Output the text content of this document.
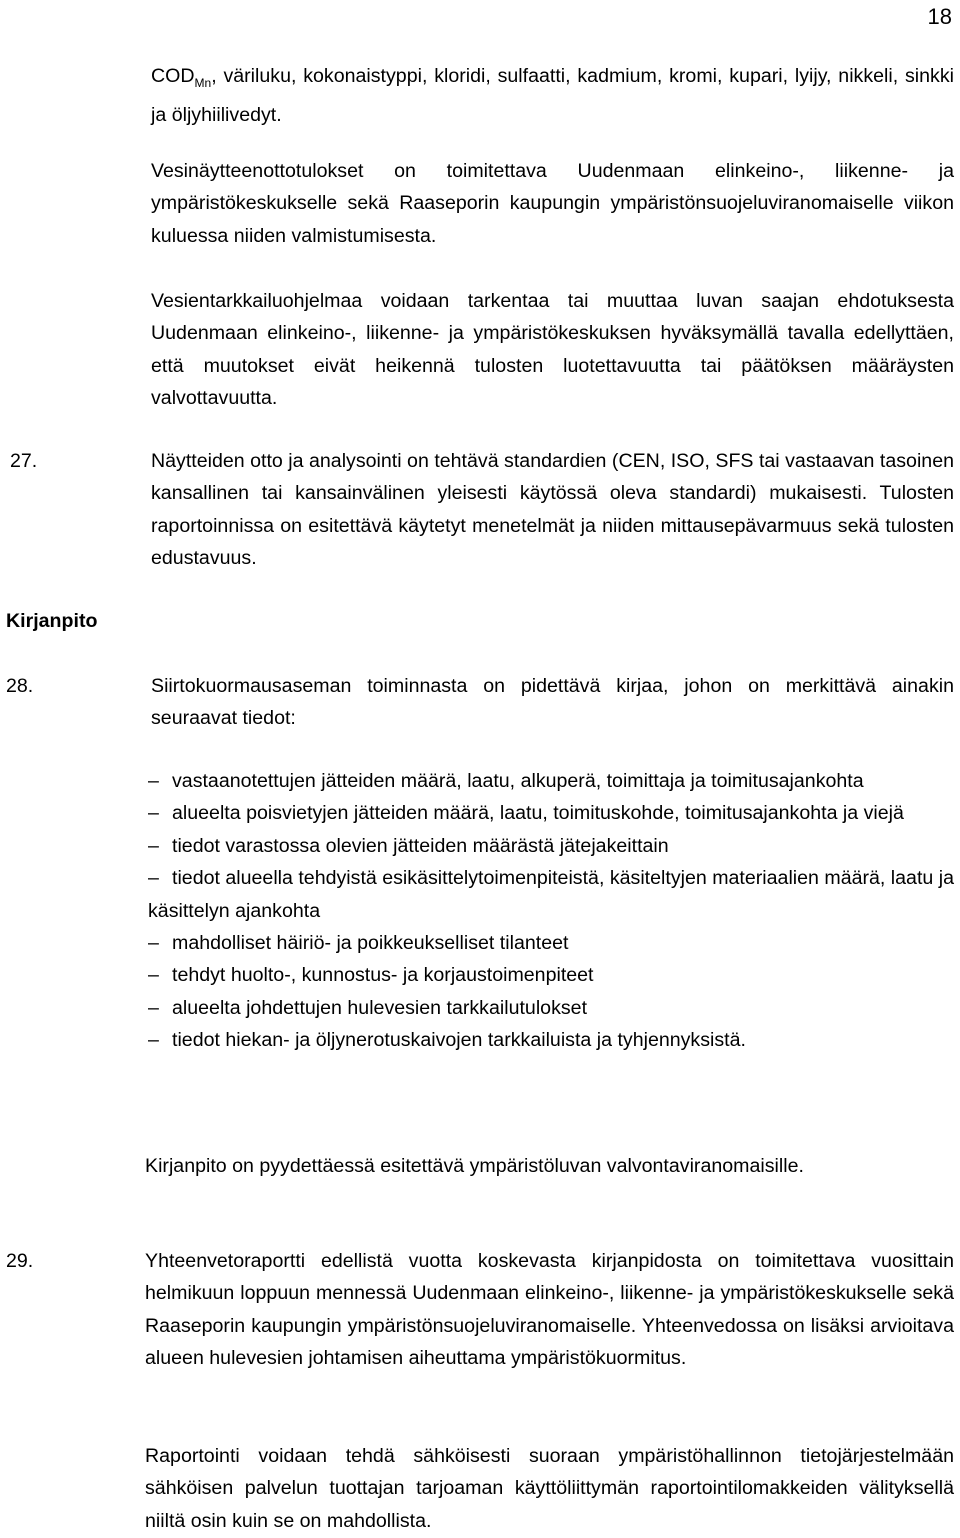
18
$COD_{Mn}$, väriluku, kokonaistyppi, kloridi, sulfaatti, kadmium, kromi, kupari, lyijy, nikkeli, sinkki ja öljyhiilivedyt.
Vesinäytteenottotulokset on toimitettava Uudenmaan elinkeino-, liikenne- ja ympäristökeskukselle sekä Raaseporin kaupungin ympäristönsuojeluviranomaiselle viikon kuluessa niiden valmistumisesta.
Vesientarkkailuohjelmaa voidaan tarkentaa tai muuttaa luvan saajan ehdotuksesta Uudenmaan elinkeino-, liikenne- ja ympäristökeskuksen hyväksymällä tavalla edellyttäen, että muutokset eivät heikennä tulosten luotettavuutta tai päätöksen määräysten valvottavuutta.
27.	Näytteiden otto ja analysointi on tehtävä standardien (CEN, ISO, SFS tai vastaavan tasoinen kansallinen tai kansainvälinen yleisesti käytössä oleva standardi) mukaisesti. Tulosten raportoinnissa on esitettävä käytetyt menetelmät ja niiden mittausepävarmuus sekä tulosten edustavuus.
Kirjanpito
28.	Siirtokuormausaseman toiminnasta on pidettävä kirjaa, johon on merkittävä ainakin seuraavat tiedot:
– vastaanotettujen jätteiden määrä, laatu, alkuperä, toimittaja ja toimitusajankohta
– alueelta poisvietyjen jätteiden määrä, laatu, toimituskohde, toimitusajankohta ja viejä
– tiedot varastossa olevien jätteiden määrästä jätejakeittain
– tiedot alueella tehdyistä esikäsittelytoimenpiteistä, käsiteltyjen materiaalien määrä, laatu ja käsittelyn ajankohta
– mahdolliset häiriö- ja poikkeukselliset tilanteet
– tehdyt huolto-, kunnostus- ja korjaustoimenpiteet
– alueelta johdettujen hulevesien tarkkailutulokset
– tiedot hiekan- ja öljynerotuskaivojen tarkkailuista ja tyhjennyksistä.
Kirjanpito on pyydettäessä esitettävä ympäristöluvan valvontaviranomaisille.
29.	Yhteenvetoraportti edellistä vuotta koskevasta kirjanpidosta on toimitettava vuosittain helmikuun loppuun mennessä Uudenmaan elinkeino-, liikenne- ja ympäristökeskukselle sekä Raaseporin kaupungin ympäristönsuojeluviranomaiselle. Yhteenvedossa on lisäksi arvioitava alueen hulevesien johtamisen aiheuttama ympäristökuormitus.
Raportointi voidaan tehdä sähköisesti suoraan ympäristöhallinnon tietojärjestelmään sähköisen palvelun tuottajan tarjoaman käyttöliittymän raportointilomakkeiden välityksellä niiltä osin kuin se on mahdollista.
